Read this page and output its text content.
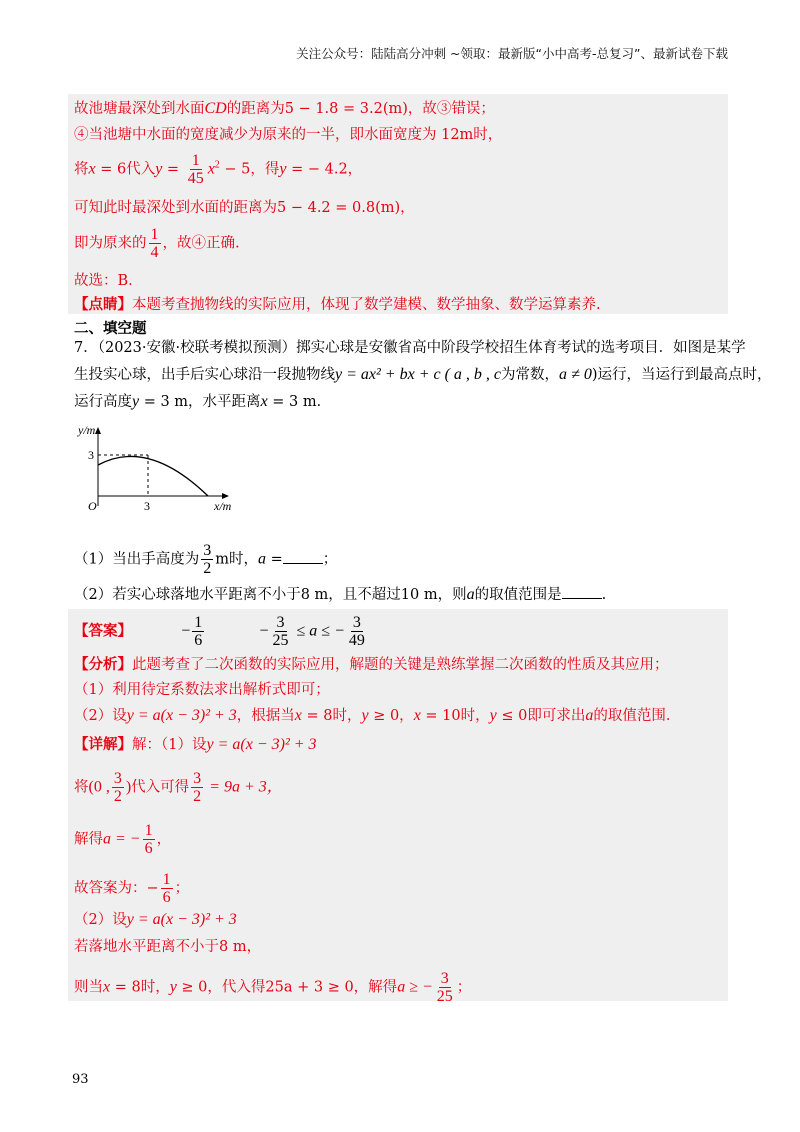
关注公众号：陆陆高分冲刺 ~领取：最新版“小中高考-总复习”、最新试卷下载
故池塘最深处到水面CD的距离为5 − 1.8 = 3.2(m)，故③错误；
④当池塘中水面的宽度减少为原来的一半，即水面宽度为 12m时，
将x = 6代入$y = \frac{1}{45} x^2 - 5$，得y = − 4.2，
可知此时最深处到水面的距离为5 − 4.2 = 0.8(m)，
即为原来的 $\frac{1}{4}$ ，故④正确.
故选：B．
【点睛】本题考查抛物线的实际应用，体现了数学建模、数学抽象、数学运算素养.
二、填空题
7．（2023·安徽·校联考模拟预测）掷实心球是安徽省高中阶段学校招生体育考试的选考项目．如图是某学
生投实心球，出手后实心球沿一段抛物线y = ax² + bx + c ( a , b , c为常数，a ≠ 0)运行，当运行到最高点时，
运行高度y = 3 m，水平距离x = 3 m．
y/m
x/m
O
3
3
（1）当出手高度为 $\frac{3}{2}$ m时，a =	；
（2）若实心球落地水平距离不小于8 m，且不超过10 m，则a的取值范围是	.
【答案】	− $\frac{1}{6}$	− $\frac{3}{25} \le a$ ≤ − $\frac{3}{49}$
【分析】此题考查了二次函数的实际应用，解题的关键是熟练掌握二次函数的性质及其应用；
（1）利用待定系数法求出解析式即可；
（2）设y = a(x − 3)² + 3，根据当x = 8时，y ≥ 0，x = 10时，y ≤ 0即可求出a的取值范围．
【详解】解：（1）设y = a(x − 3)² + 3
将(0 , $\frac{3}{2}$ )代入可得 $\frac{3}{2} = 9a + 3$，
解得a = − $\frac{1}{6}$ ，
故答案为：− $\frac{1}{6}$ ；
（2）设y = a(x − 3)² + 3
若落地水平距离不小于8 m，
则当x = 8时，y ≥ 0，代入得25a + 3 ≥ 0，解得a ≥ − $\frac{3}{25}$ ；
93
